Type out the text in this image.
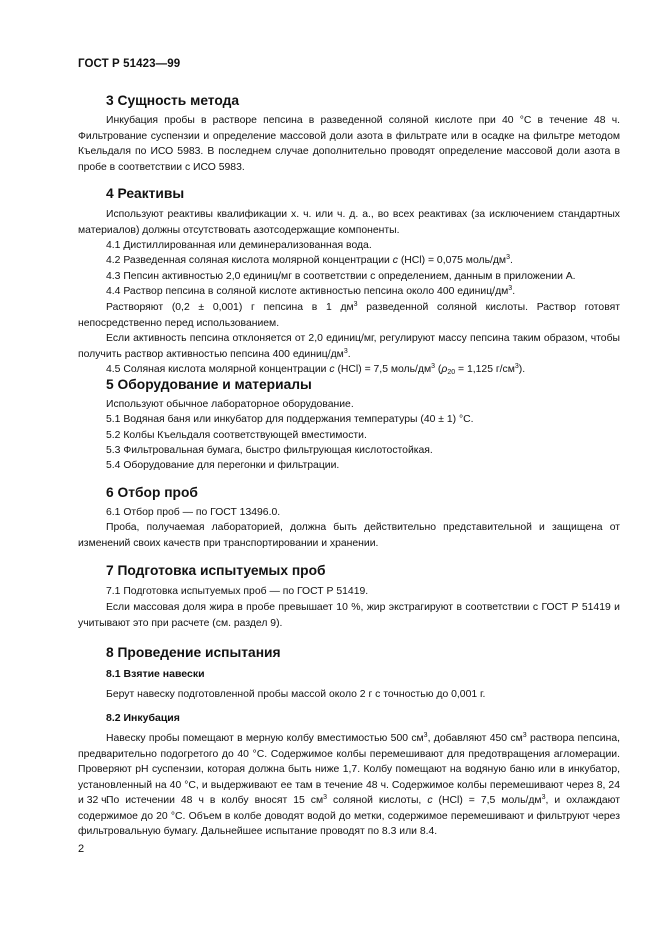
ГОСТ Р 51423—99
3 Сущность метода

Инкубация пробы в растворе пепсина в разведенной соляной кислоте при 40 °С в течение 48 ч. Фильтрование суспензии и определение массовой доли азота в фильтрате или в осадке на фильтре методом Къельдаля по ИСО 5983. В последнем случае дополнительно проводят определение массовой доли азота в пробе в соответствии с ИСО 5983.

4 Реактивы

Используют реактивы квалификации х. ч. или ч. д. а., во всех реактивах (за исключением стандартных материалов) должны отсутствовать азотсодержащие компоненты.

4.1 Дистиллированная или деминерализованная вода.

4.2 Разведенная соляная кислота молярной концентрации c (HCl) = 0,075 моль/$дм^3$.

4.3 Пепсин активностью 2,0 единиц/мг в соответствии с определением, данным в приложении А.

4.4 Раствор пепсина в соляной кислоте активностью пепсина около 400 единиц/$дм^3$.

Растворяют (0,2 ± 0,001) г пепсина в 1 $дм^3$ разведенной соляной кислоты. Раствор готовят непосредственно перед использованием.

Если активность пепсина отклоняется от 2,0 единиц/мг, регулируют массу пепсина таким образом, чтобы получить раствор активностью пепсина 400 единиц/$дм^3$.

4.5 Соляная кислота молярной концентрации c (HCl) = 7,5 моль/$дм^3$ ($\rho_{20} = 1,125$ $г/см^3$).

5 Оборудование и материалы

Используют обычное лабораторное оборудование.

5.1 Водяная баня или инкубатор для поддержания температуры (40 ± 1) °С.

5.2 Колбы Къельдаля соответствующей вместимости.

5.3 Фильтровальная бумага, быстро фильтрующая кислотостойкая.

5.4 Оборудование для перегонки и фильтрации.

6 Отбор проб

6.1 Отбор проб — по ГОСТ 13496.0.

Проба, получаемая лабораторией, должна быть действительно представительной и защищена от изменений своих качеств при транспортировании и хранении.

7 Подготовка испытуемых проб

7.1 Подготовка испытуемых проб — по ГОСТ Р 51419.

Если массовая доля жира в пробе превышает 10 %, жир экстрагируют в соответствии с ГОСТ Р 51419 и учитывают это при расчете (см. раздел 9).

8 Проведение испытания
8.1 Взятие навески

Берут навеску подготовленной пробы массой около 2 г с точностью до 0,001 г.

8.2 Инкубация

Навеску пробы помещают в мерную колбу вместимостью 500 $см^3$, добавляют 450 $см^3$ раствора пепсина, предварительно подогретого до 40 °С. Содержимое колбы перемешивают для предотвращения агломерации. Проверяют pH суспензии, которая должна быть ниже 1,7. Колбу помещают на водяную баню или в инкубатор, установленный на 40 °С, и выдерживают ее там в течение 48 ч. Содержимое колбы перемешивают через 8, 24 и 32 ч.

По истечении 48 ч в колбу вносят 15 $см^3$ соляной кислоты, c (HCl) = 7,5 моль/$дм^3$, и охлаждают содержимое до 20 °С. Объем в колбе доводят водой до метки, содержимое перемешивают и фильтруют через фильтровальную бумагу. Дальнейшее испытание проводят по 8.3 или 8.4.

2
